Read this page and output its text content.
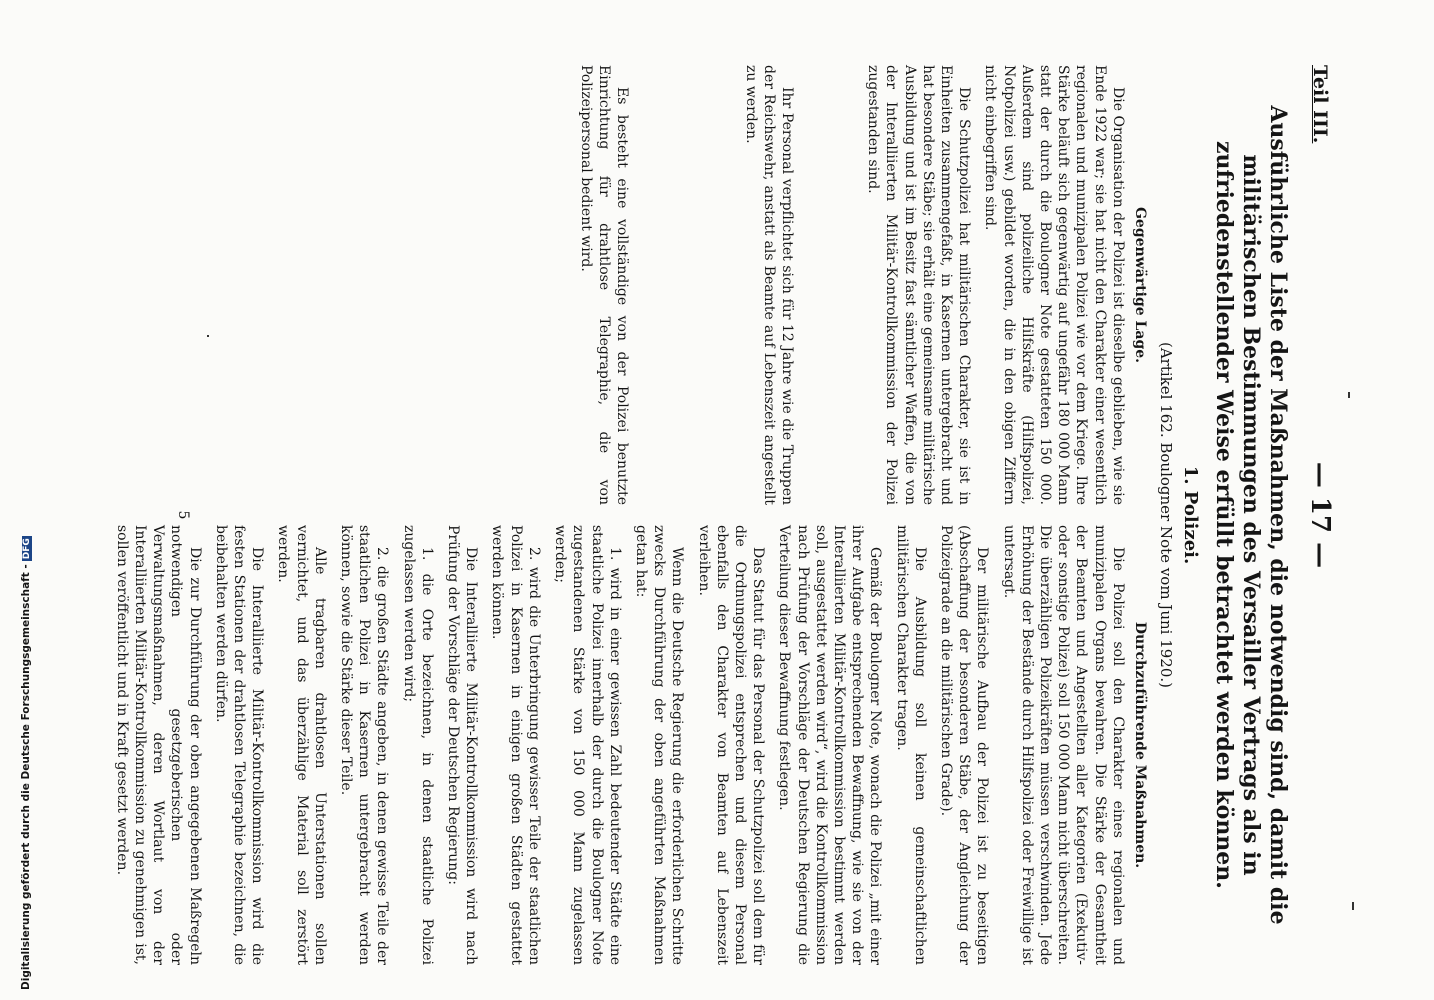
Teil III.
— 17 —
Ausführliche Liste der Maßnahmen, die notwendig sind, damit die militärischen Bestimmungen des Versailler Vertrags als in zufriedenstellender Weise erfüllt betrachtet werden können.
1. Polizei.
(Artikel 162. Boulogner Note vom Juni 1920.)
Gegenwärtige Lage.

Die Organisation der Polizei ist dieselbe geblieben, wie sie Ende 1922 war; sie hat nicht den Charakter einer wesentlich regionalen und munizipalen Polizei wie vor dem Kriege. Ihre Stärke beläuft sich gegenwärtig auf ungefähr 180 000 Mann statt der durch die Boulogner Note gestatteten 150 000. Außerdem sind polizeiliche Hilfskräfte (Hilfspolizei, Notpolizei usw.) gebildet worden, die in den obigen Ziffern nicht einbegriffen sind.

Die Schutzpolizei hat militärischen Charakter, sie ist in Einheiten zusammengefaßt, in Kasernen untergebracht und hat besondere Stäbe; sie erhält eine gemeinsame militärische Ausbildung und ist im Besitz fast sämtlicher Waffen, die von der Interalliierten Militär-Kontrollkommission der Polizei zugestanden sind.

Ihr Personal verpflichtet sich für 12 Jahre wie die Truppen der Reichswehr, anstatt als Beamte auf Lebenszeit angestellt zu werden.

Es besteht eine vollständige von der Polizei benutzte Einrichtung für drahtlose Telegraphie, die von Polizeipersonal bedient wird.

Durchzuführende Maßnahmen.

Die Polizei soll den Charakter eines regionalen und munizipalen Organs bewahren. Die Stärke der Gesamtheit der Beamten und Angestellten aller Kategorien (Exekutiv- oder sonstige Polizei) soll 150 000 Mann nicht überschreiten. Die überzähligen Polizeikräften müssen verschwinden. Jede Erhöhung der Bestände durch Hilfspolizei oder Freiwillige ist untersagt.

Der militärische Aufbau der Polizei ist zu beseitigen (Abschaffung der besonderen Stäbe, der Angleichung der Polizeigrade an die militärischen Grade).

Die Ausbildung soll keinen gemeinschaftlichen militärischen Charakter tragen.

Gemäß der Boulogner Note, wonach die Polizei „mit einer ihrer Aufgabe entsprechenden Bewaffnung, wie sie von der Interalliierten Militär-Kontrollkommission bestimmt werden soll, ausgestattet werden wird“, wird die Kontrollkommission nach Prüfung der Vorschläge der Deutschen Regierung die Verteilung dieser Bewaffnung festlegen.

Das Statut für das Personal der Schutzpolizei soll dem für die Ordnungspolizei entsprechen und diesem Personal ebenfalls den Charakter von Beamten auf Lebenszeit verleihen.

Wenn die Deutsche Regierung die erforderlichen Schritte zwecks Durchführung der oben angeführten Maßnahmen getan hat:

1. wird in einer gewissen Zahl bedeutender Städte eine staatliche Polizei innerhalb der durch die Boulogner Note zugestandenen Stärke von 150 000 Mann zugelassen werden;

2. wird die Unterbringung gewisser Teile der staatlichen Polizei in Kasernen in einigen großen Städten gestattet werden können.

Die Interalliierte Militär-Kontrollkommission wird nach Prüfung der Vorschläge der Deutschen Regierung:

1. die Orte bezeichnen, in denen staatliche Polizei zugelassen werden wird;

2. die großen Städte angeben, in denen gewisse Teile der staatlichen Polizei in Kasernen untergebracht werden können, sowie die Stärke dieser Teile.

Alle tragbaren drahtlosen Unterstationen sollen vernichtet, und das überzählige Material soll zerstört werden.

Die Interalliierte Militär-Kontrollkommission wird die festen Stationen der drahtlosen Telegraphie bezeichnen, die beibehalten werden dürfen.

Die zur Durchführung der oben angegebenen Maßregeln notwendigen gesetzgeberischen oder Verwaltungsmaßnahmen, deren Wortlaut von der Interalliierten Militär-Kontrollkommission zu genehmigen ist, sollen veröffentlicht und in Kraft gesetzt werden.

5
Digitalisierung gefördert durch die Deutsche Forschungsgemeinschaft -DFG
